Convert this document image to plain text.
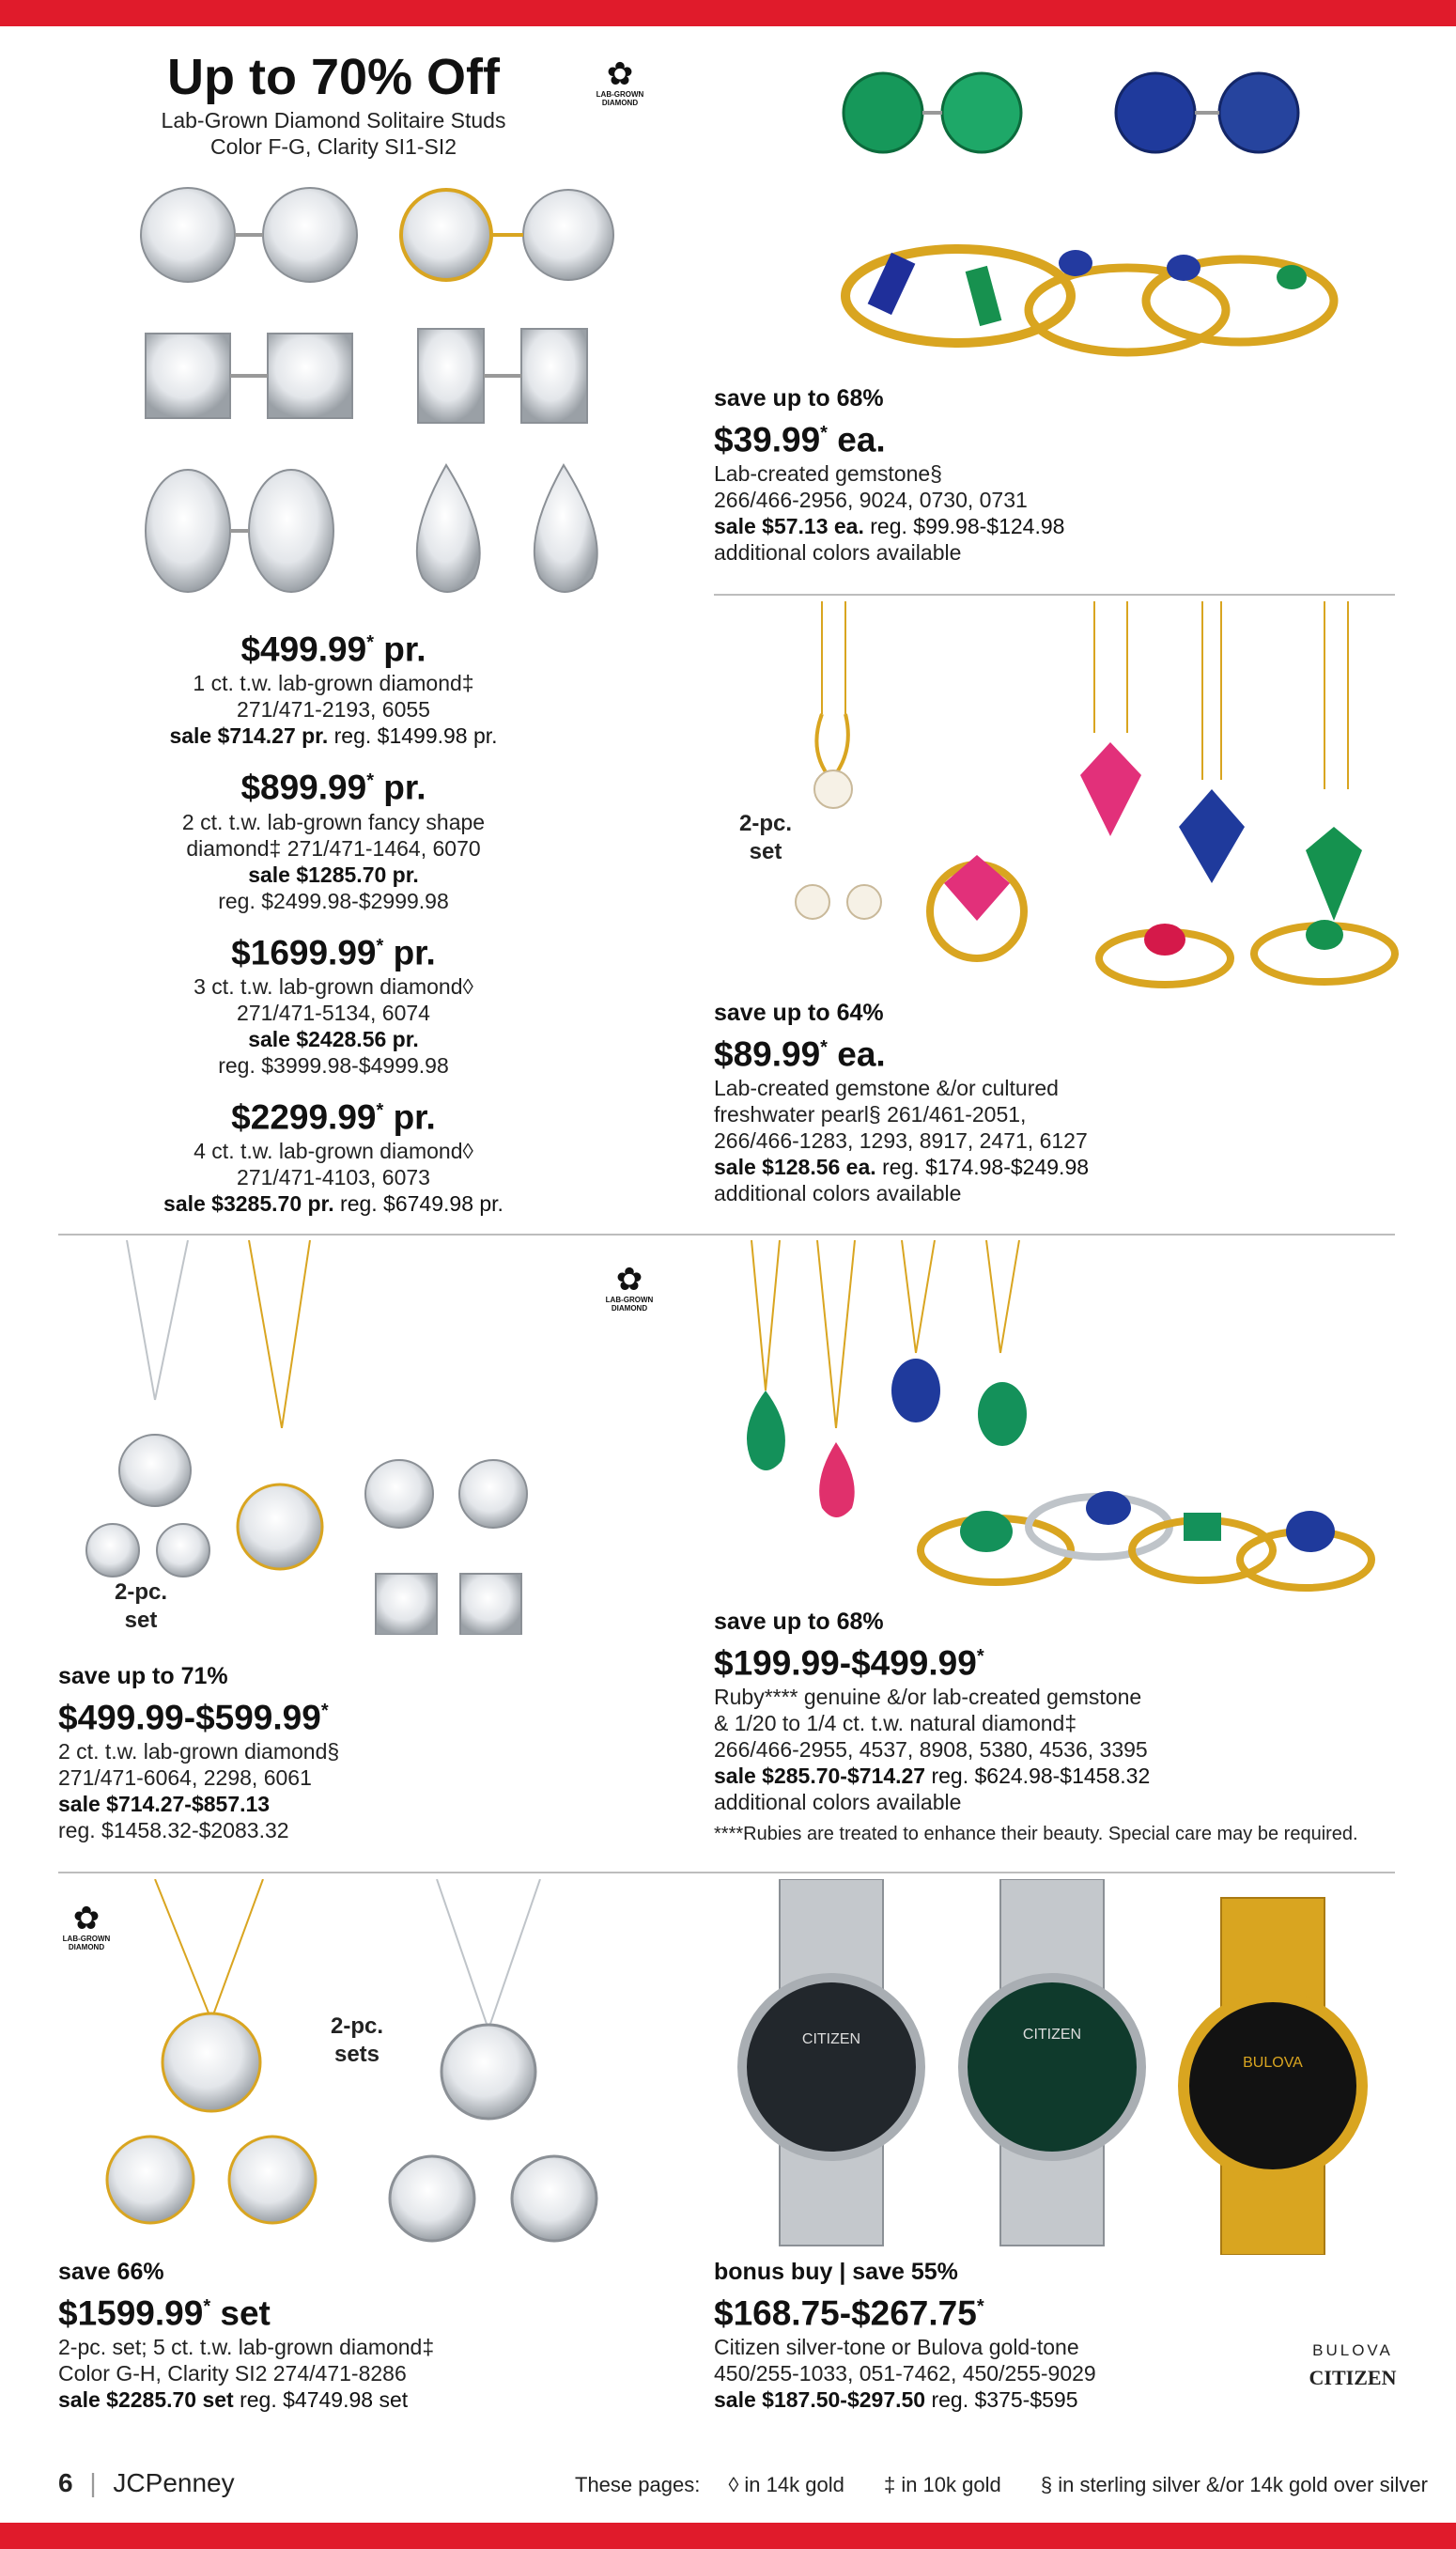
Up to 70% Off
Lab-Grown Diamond Solitaire Studs
Color F-G, Clarity SI1-SI2
✿
LAB-GROWN
DIAMOND
$499.99* pr.
1 ct. t.w. lab-grown diamond‡
271/471-2193, 6055
sale $714.27 pr. reg. $1499.98 pr.
$899.99* pr.
2 ct. t.w. lab-grown fancy shape
diamond‡ 271/471-1464, 6070
sale $1285.70 pr.
reg. $2499.98-$2999.98
$1699.99* pr.
3 ct. t.w. lab-grown diamond◊
271/471-5134, 6074
sale $2428.56 pr.
reg. $3999.98-$4999.98
$2299.99* pr.
4 ct. t.w. lab-grown diamond◊
271/471-4103, 6073
sale $3285.70 pr. reg. $6749.98 pr.
save up to 68%
$39.99* ea.
Lab-created gemstone§
266/466-2956, 9024, 0730, 0731
sale $57.13 ea. reg. $99.98-$124.98
additional colors available
2-pc.
set
save up to 64%
$89.99* ea.
Lab-created gemstone &/or cultured
freshwater pearl§ 261/461-2051,
266/466-1283, 1293, 8917, 2471, 6127
sale $128.56 ea. reg. $174.98-$249.98
additional colors available
✿
LAB-GROWN
DIAMOND
2-pc.
set
save up to 71%
$499.99-$599.99*
2 ct. t.w. lab-grown diamond§
271/471-6064, 2298, 6061
sale $714.27-$857.13
reg. $1458.32-$2083.32
save up to 68%
$199.99-$499.99*
Ruby**** genuine &/or lab-created gemstone
& 1/20 to 1/4 ct. t.w. natural diamond‡
266/466-2955, 4537, 8908, 5380, 4536, 3395
sale $285.70-$714.27 reg. $624.98-$1458.32
additional colors available
****Rubies are treated to enhance their beauty. Special care may be required.
✿
LAB-GROWN
DIAMOND
2-pc.
sets
save 66%
$1599.99* set
2-pc. set; 5 ct. t.w. lab-grown diamond‡
Color G-H, Clarity SI2 274/471-8286
sale $2285.70 set reg. $4749.98 set
CITIZEN	CITIZEN
BULOVA
bonus buy | save 55%
$168.75-$267.75*
Citizen silver-tone or Bulova gold-tone
450/255-1033, 051-7462, 450/255-9029
sale $187.50-$297.50 reg. $375-$595
BULOVA
CITIZEN
6 | JCPenney	These pages: ◊ in 14k gold ‡ in 10k gold § in sterling silver &/or 14k gold over silver
